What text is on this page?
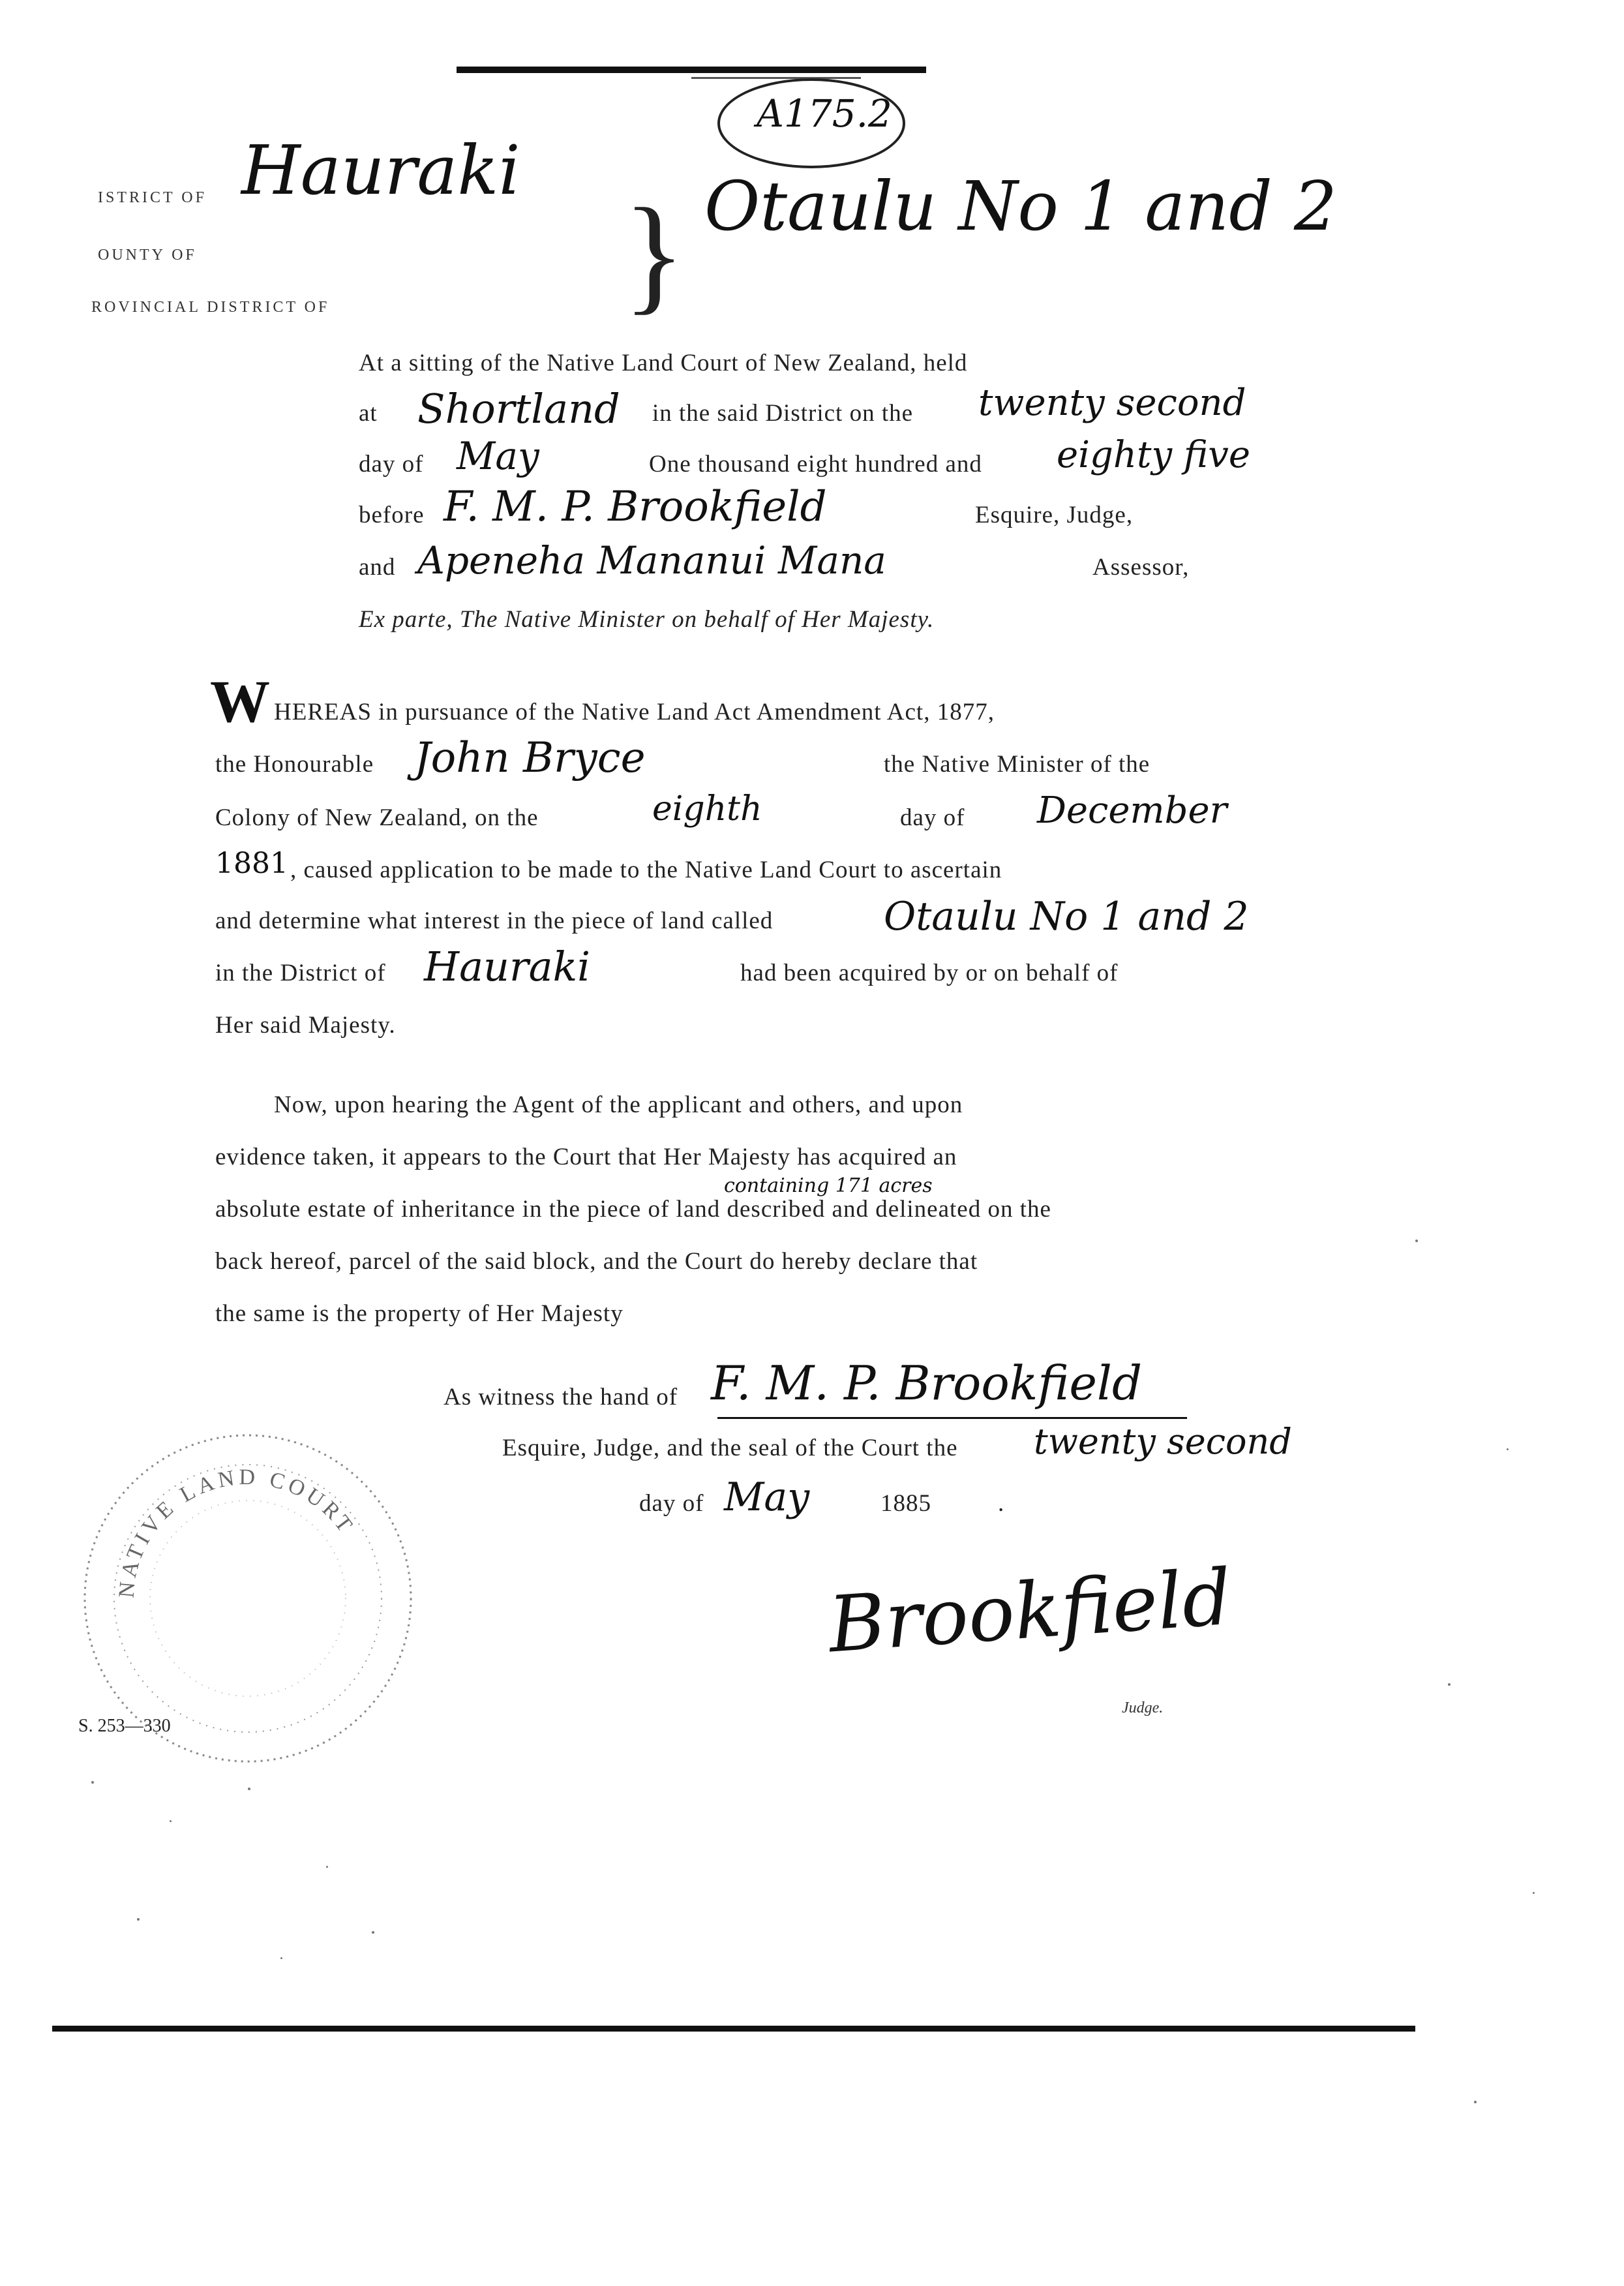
A175.2
ISTRICT OF
OUNTY OF
ROVINCIAL DISTRICT OF
Hauraki
} Otaulu No 1 and 2
At a sitting of the Native Land Court of New Zealand, held
at Shortland in the said District on the twenty second
day of May	One thousand eight hundred and eighty five
before F. M. P. Brookfield	Esquire, Judge,
and Apeneha Mananui Mana	Assessor,
Ex parte, The Native Minister on behalf of Her Majesty.
W HEREAS in pursuance of the Native Land Act Amendment Act, 1877,
the Honourable John Bryce	the Native Minister of the
Colony of New Zealand, on the	eighth	day of December
1881 , caused application to be made to the Native Land Court to ascertain
and determine what interest in the piece of land called	Otaulu No 1 and 2
in the District of Hauraki	had been acquired by or on behalf of
Her said Majesty.
Now, upon hearing the Agent of the applicant and others, and upon
evidence taken, it appears to the Court that Her Majesty has acquired an
containing 171 acres
absolute estate of inheritance in the piece of land described and delineated on the
back hereof, parcel of the said block, and the Court do hereby declare that
the same is the property of Her Majesty
As witness the hand of F. M. P. Brookfield
Esquire, Judge, and the seal of the Court the twenty second
day of May	1885	.
Brookfield
Judge.
NATIVE LAND COURT
S. 253—330
